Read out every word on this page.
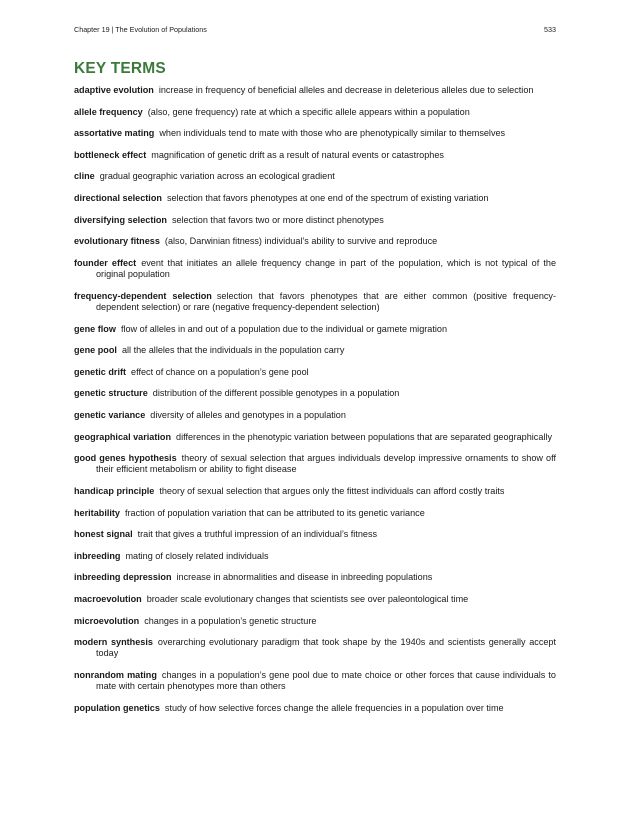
Chapter 19 | The Evolution of Populations	533
KEY TERMS

adaptive evolution increase in frequency of beneficial alleles and decrease in deleterious alleles due to selection

allele frequency (also, gene frequency) rate at which a specific allele appears within a population

assortative mating when individuals tend to mate with those who are phenotypically similar to themselves

bottleneck effect magnification of genetic drift as a result of natural events or catastrophes

cline gradual geographic variation across an ecological gradient

directional selection selection that favors phenotypes at one end of the spectrum of existing variation

diversifying selection selection that favors two or more distinct phenotypes

evolutionary fitness (also, Darwinian fitness) individual’s ability to survive and reproduce

founder effect event that initiates an allele frequency change in part of the population, which is not typical of the original population

frequency-dependent selection selection that favors phenotypes that are either common (positive frequency-dependent selection) or rare (negative frequency-dependent selection)

gene flow flow of alleles in and out of a population due to the individual or gamete migration

gene pool all the alleles that the individuals in the population carry

genetic drift effect of chance on a population’s gene pool

genetic structure distribution of the different possible genotypes in a population

genetic variance diversity of alleles and genotypes in a population

geographical variation differences in the phenotypic variation between populations that are separated geographically

good genes hypothesis theory of sexual selection that argues individuals develop impressive ornaments to show off their efficient metabolism or ability to fight disease

handicap principle theory of sexual selection that argues only the fittest individuals can afford costly traits

heritability fraction of population variation that can be attributed to its genetic variance

honest signal trait that gives a truthful impression of an individual’s fitness

inbreeding mating of closely related individuals

inbreeding depression increase in abnormalities and disease in inbreeding populations

macroevolution broader scale evolutionary changes that scientists see over paleontological time

microevolution changes in a population’s genetic structure

modern synthesis overarching evolutionary paradigm that took shape by the 1940s and scientists generally accept today

nonrandom mating changes in a population’s gene pool due to mate choice or other forces that cause individuals to mate with certain phenotypes more than others

population genetics study of how selective forces change the allele frequencies in a population over time
